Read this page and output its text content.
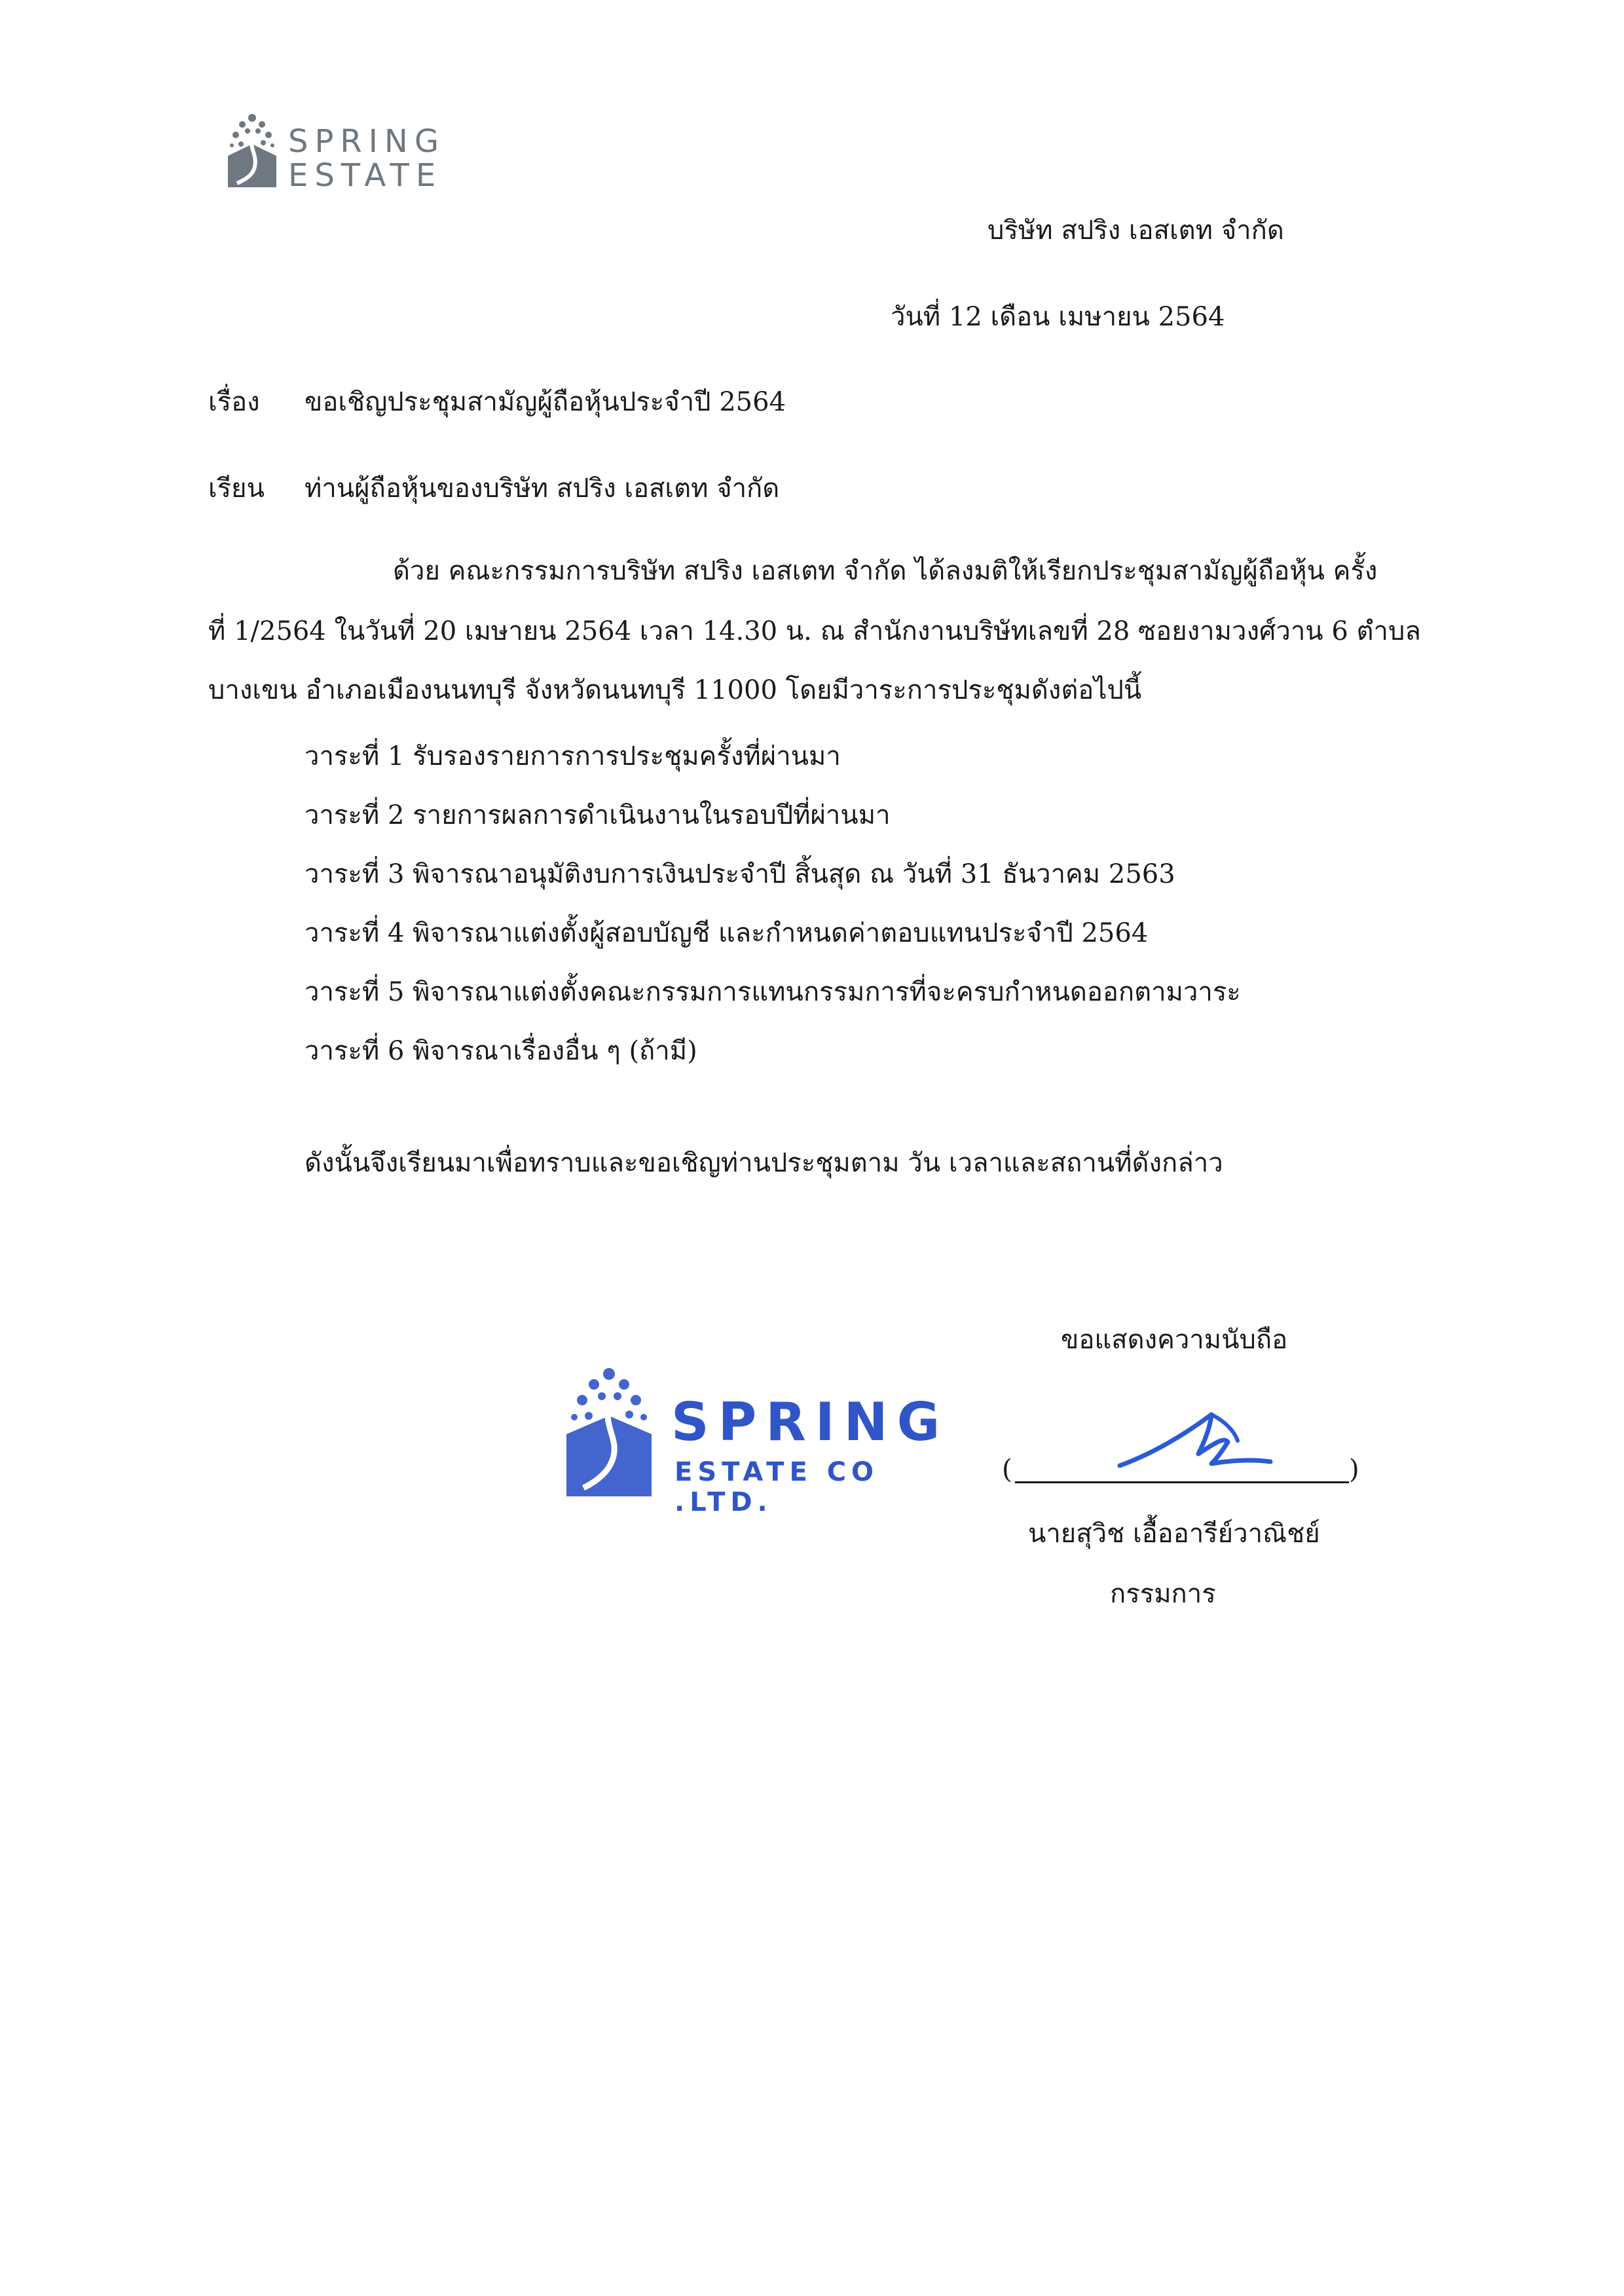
SPRING
ESTATE
บริษัท สปริง เอสเตท จำกัด
วันที่ 12 เดือน เมษายน 2564
เรื่อง ขอเชิญประชุมสามัญผู้ถือหุ้นประจำปี 2564
เรียน ท่านผู้ถือหุ้นของบริษัท สปริง เอสเตท จำกัด
ด้วย คณะกรรมการบริษัท สปริง เอสเตท จำกัด ได้ลงมติให้เรียกประชุมสามัญผู้ถือหุ้น ครั้ง
ที่ 1/2564 ในวันที่ 20 เมษายน 2564 เวลา 14.30 น. ณ สำนักงานบริษัทเลขที่ 28 ซอยงามวงศ์วาน 6 ตำบล
บางเขน อำเภอเมืองนนทบุรี จังหวัดนนทบุรี 11000 โดยมีวาระการประชุมดังต่อไปนี้
วาระที่ 1 รับรองรายการการประชุมครั้งที่ผ่านมา
วาระที่ 2 รายการผลการดำเนินงานในรอบปีที่ผ่านมา
วาระที่ 3 พิจารณาอนุมัติงบการเงินประจำปี สิ้นสุด ณ วันที่ 31 ธันวาคม 2563
วาระที่ 4 พิจารณาแต่งตั้งผู้สอบบัญชี และกำหนดค่าตอบแทนประจำปี 2564
วาระที่ 5 พิจารณาแต่งตั้งคณะกรรมการแทนกรรมการที่จะครบกำหนดออกตามวาระ
วาระที่ 6 พิจารณาเรื่องอื่น ๆ (ถ้ามี)
ดังนั้นจึงเรียนมาเพื่อทราบและขอเชิญท่านประชุมตาม วัน เวลาและสถานที่ดังกล่าว
ขอแสดงความนับถือ
SPRING
ESTATE CO .LTD.
(	)
นายสุวิช เอื้ออารีย์วาณิชย์
กรรมการ
